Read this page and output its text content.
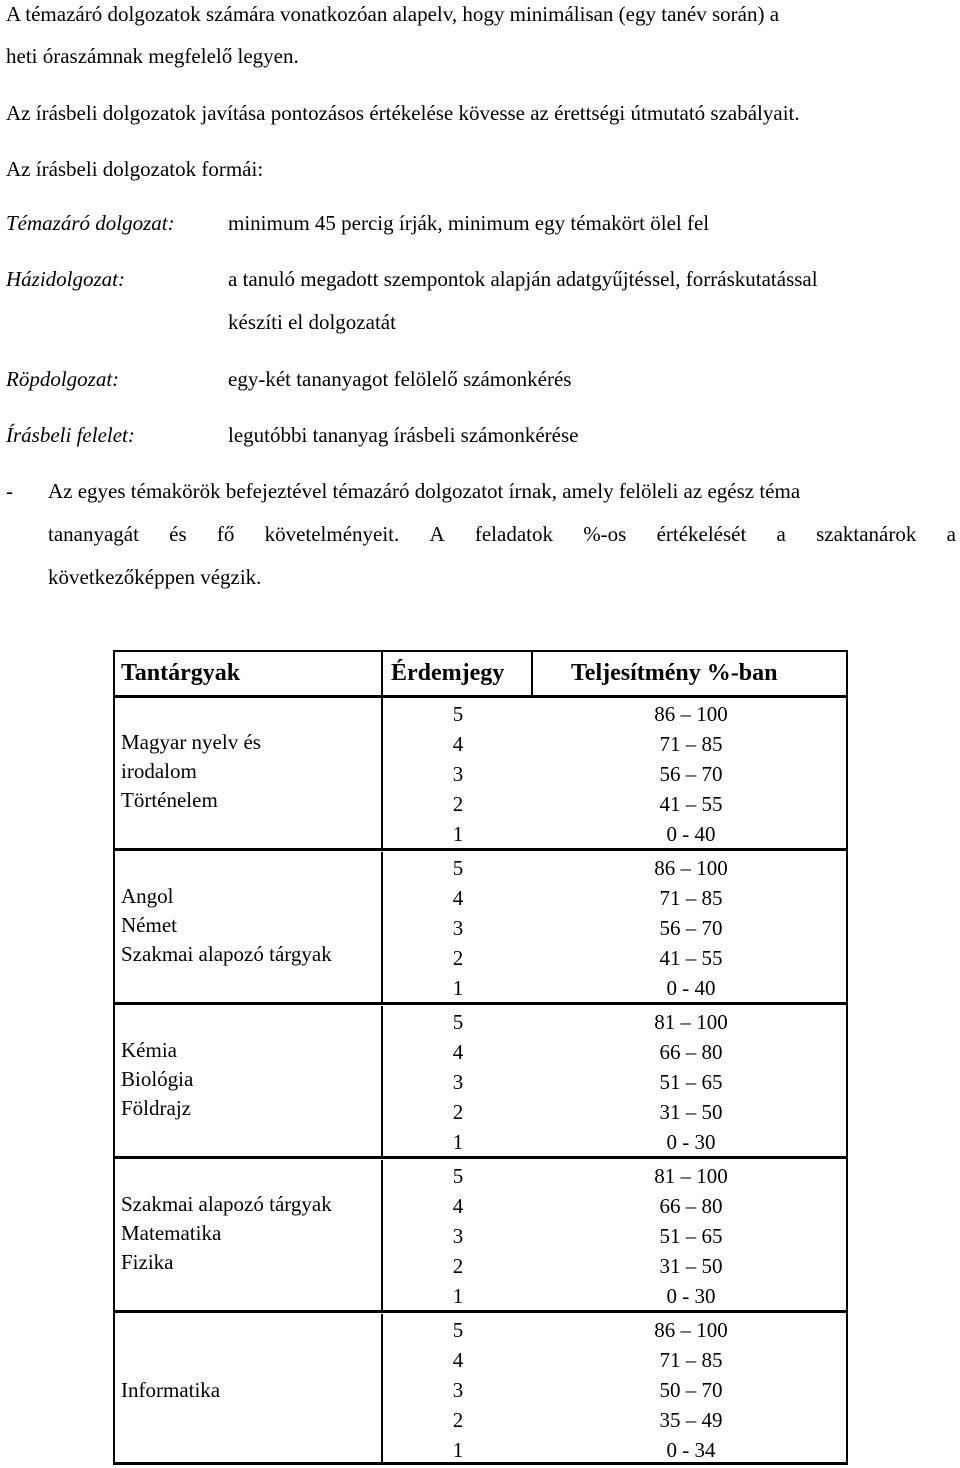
A témazáró dolgozatok számára vonatkozóan alapelv, hogy minimálisan (egy tanév során) a
heti óraszámnak megfelelő legyen.
Az írásbeli dolgozatok javítása pontozásos értékelése kövesse az érettségi útmutató szabályait.
Az írásbeli dolgozatok formái:
Témazáró dolgozat:	minimum 45 percig írják, minimum egy témakört ölel fel
Házidolgozat:	a tanuló megadott szempontok alapján adatgyűjtéssel, forráskutatással
készíti el dolgozatát
Röpdolgozat:	egy-két tananyagot felölelő számonkérés
Írásbeli felelet:	legutóbbi tananyag írásbeli számonkérése
- Az egyes témakörök befejeztével témazáró dolgozatot írnak, amely felöleli az egész téma
tananyagát és fő követelményeit. A feladatok %-os értékelését a szaktanárok a
következőképpen végzik.
Tantárgyak	Érdemjegy	Teljesítmény %-ban
Magyar nyelv és
irodalom
Történelem
5	86 – 100
4	71 – 85
3	56 – 70
2	41 – 55
1	0 - 40
Angol
Német
Szakmai alapozó tárgyak
5	86 – 100
4	71 – 85
3	56 – 70
2	41 – 55
1	0 - 40
Kémia
Biológia
Földrajz
5	81 – 100
4	66 – 80
3	51 – 65
2	31 – 50
1	0 - 30
Szakmai alapozó tárgyak
Matematika
Fizika
5	81 – 100
4	66 – 80
3	51 – 65
2	31 – 50
1	0 - 30
Informatika
5	86 – 100
4	71 – 85
3	50 – 70
2	35 – 49
1	0 - 34
